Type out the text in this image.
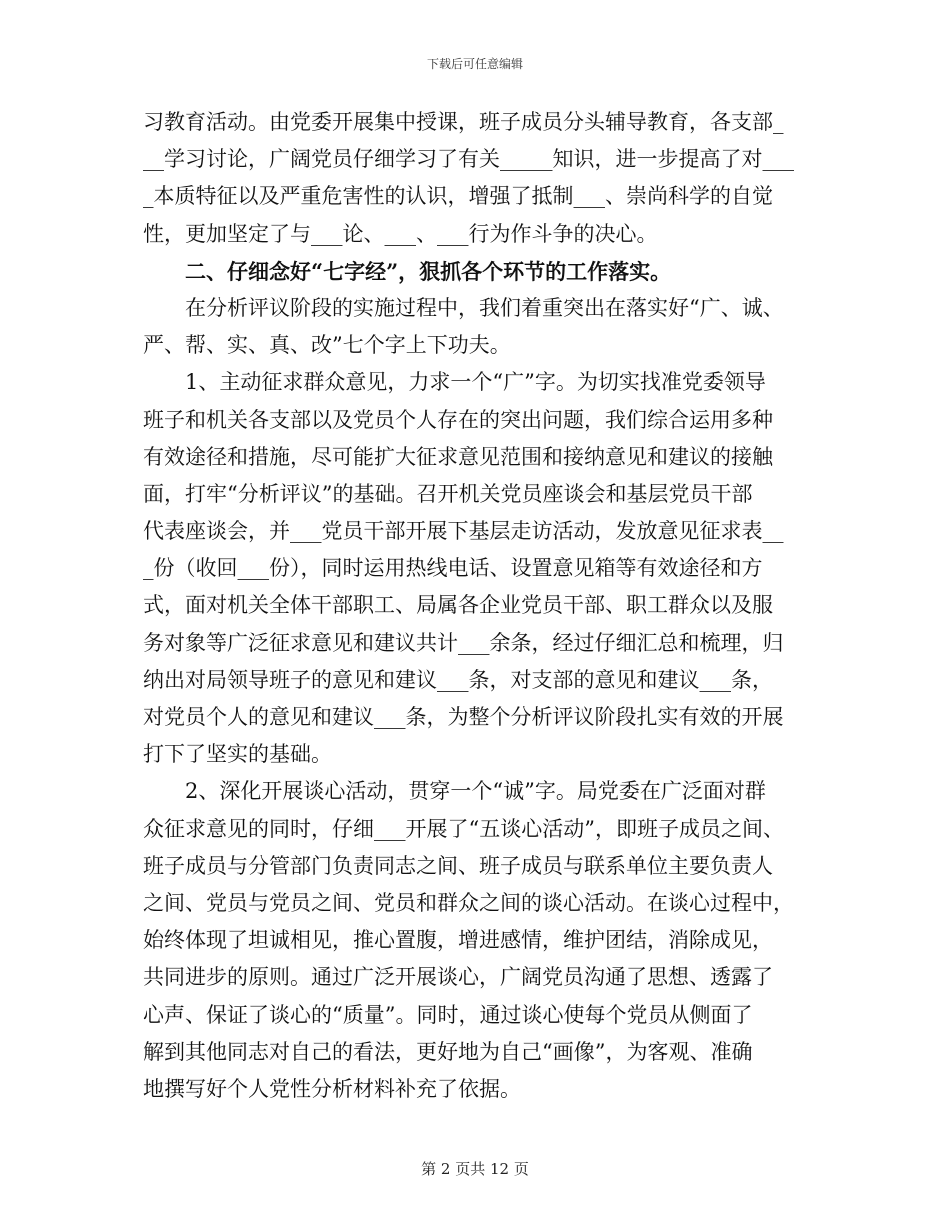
下载后可任意编辑
习教育活动。由党委开展集中授课，班子成员分头辅导教育，各支部_
__学习讨论，广阔党员仔细学习了有关_____知识，进一步提高了对___
_本质特征以及严重危害性的认识，增强了抵制___、崇尚科学的自觉
性，更加坚定了与___论、___、___行为作斗争的决心。
二、仔细念好“七字经”，狠抓各个环节的工作落实。
在分析评议阶段的实施过程中，我们着重突出在落实好“广、诚、
严、帮、实、真、改”七个字上下功夫。
1、主动征求群众意见，力求一个“广”字。为切实找准党委领导
班子和机关各支部以及党员个人存在的突出问题，我们综合运用多种
有效途径和措施，尽可能扩大征求意见范围和接纳意见和建议的接触
面，打牢“分析评议”的基础。召开机关党员座谈会和基层党员干部
代表座谈会，并___党员干部开展下基层走访活动，发放意见征求表__
_份（收回___份），同时运用热线电话、设置意见箱等有效途径和方
式，面对机关全体干部职工、局属各企业党员干部、职工群众以及服
务对象等广泛征求意见和建议共计___余条，经过仔细汇总和梳理，归
纳出对局领导班子的意见和建议___条，对支部的意见和建议___条，
对党员个人的意见和建议___条，为整个分析评议阶段扎实有效的开展
打下了坚实的基础。
2、深化开展谈心活动，贯穿一个“诚”字。局党委在广泛面对群
众征求意见的同时，仔细___开展了“五谈心活动”，即班子成员之间、
班子成员与分管部门负责同志之间、班子成员与联系单位主要负责人
之间、党员与党员之间、党员和群众之间的谈心活动。在谈心过程中，
始终体现了坦诚相见，推心置腹，增进感情，维护团结，消除成见，
共同进步的原则。通过广泛开展谈心，广阔党员沟通了思想、透露了
心声、保证了谈心的“质量”。同时，通过谈心使每个党员从侧面了
解到其他同志对自己的看法，更好地为自己“画像”，为客观、准确
地撰写好个人党性分析材料补充了依据。
第 2 页共 12 页
